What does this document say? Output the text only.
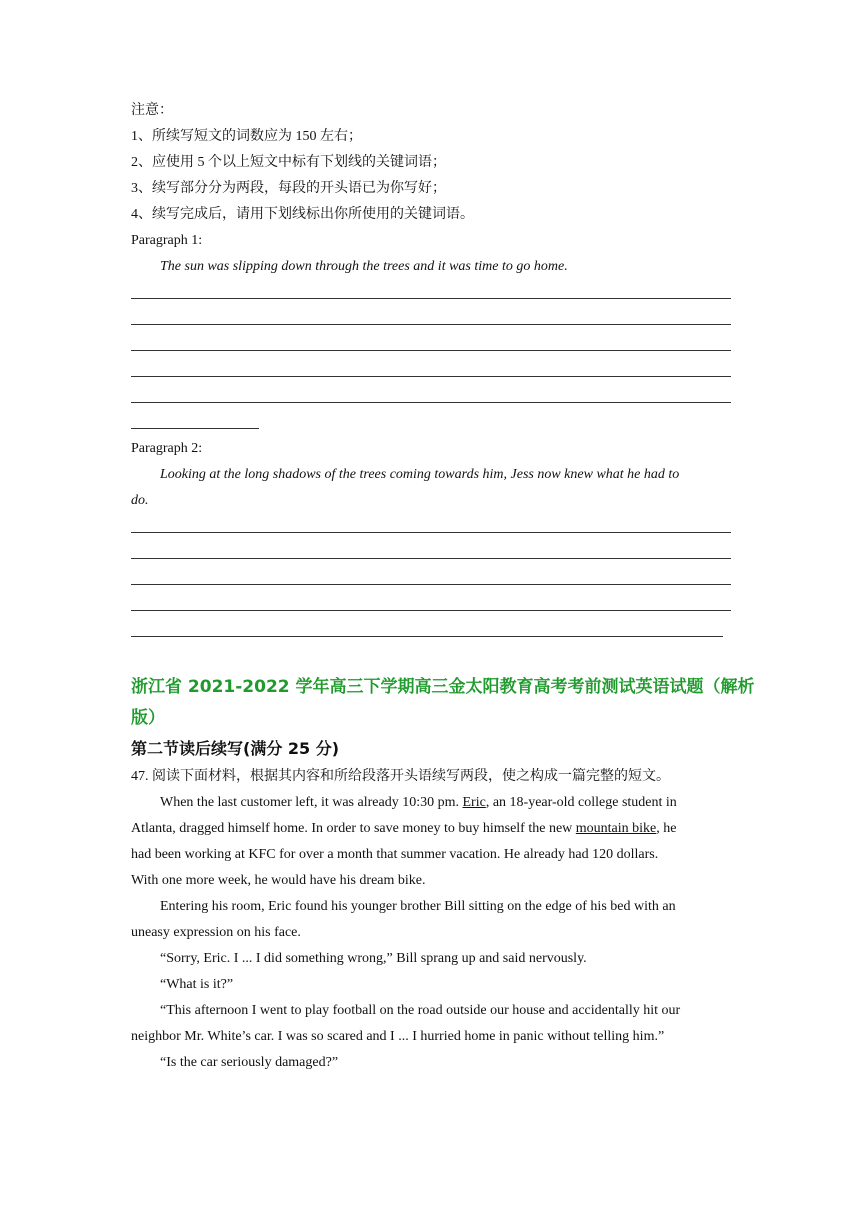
注意：
1、所续写短文的词数应为 150 左右；
2、应使用 5 个以上短文中标有下划线的关键词语；
3、续写部分分为两段，每段的开头语已为你写好；
4、续写完成后，请用下划线标出你所使用的关键词语。
Paragraph 1:
The sun was slipping down through the trees and it was time to go home.
Paragraph 2:
Looking at the long shadows of the trees coming towards him, Jess now knew what he had to
do.
浙江省 2021-2022 学年高三下学期高三金太阳教育高考考前测试英语试题（解析
版）
第二节读后续写(满分 25 分)
47. 阅读下面材料，根据其内容和所给段落开头语续写两段，使之构成一篇完整的短文。
When the last customer left, it was already 10:30 pm. Eric, an 18-year-old college student in
Atlanta, dragged himself home. In order to save money to buy himself the new mountain bike, he
had been working at KFC for over a month that summer vacation. He already had 120 dollars.
With one more week, he would have his dream bike.
Entering his room, Eric found his younger brother Bill sitting on the edge of his bed with an
uneasy expression on his face.
“Sorry, Eric. I ... I did something wrong,” Bill sprang up and said nervously.
“What is it?”
“This afternoon I went to play football on the road outside our house and accidentally hit our
neighbor Mr. White’s car. I was so scared and I ... I hurried home in panic without telling him.”
“Is the car seriously damaged?”
